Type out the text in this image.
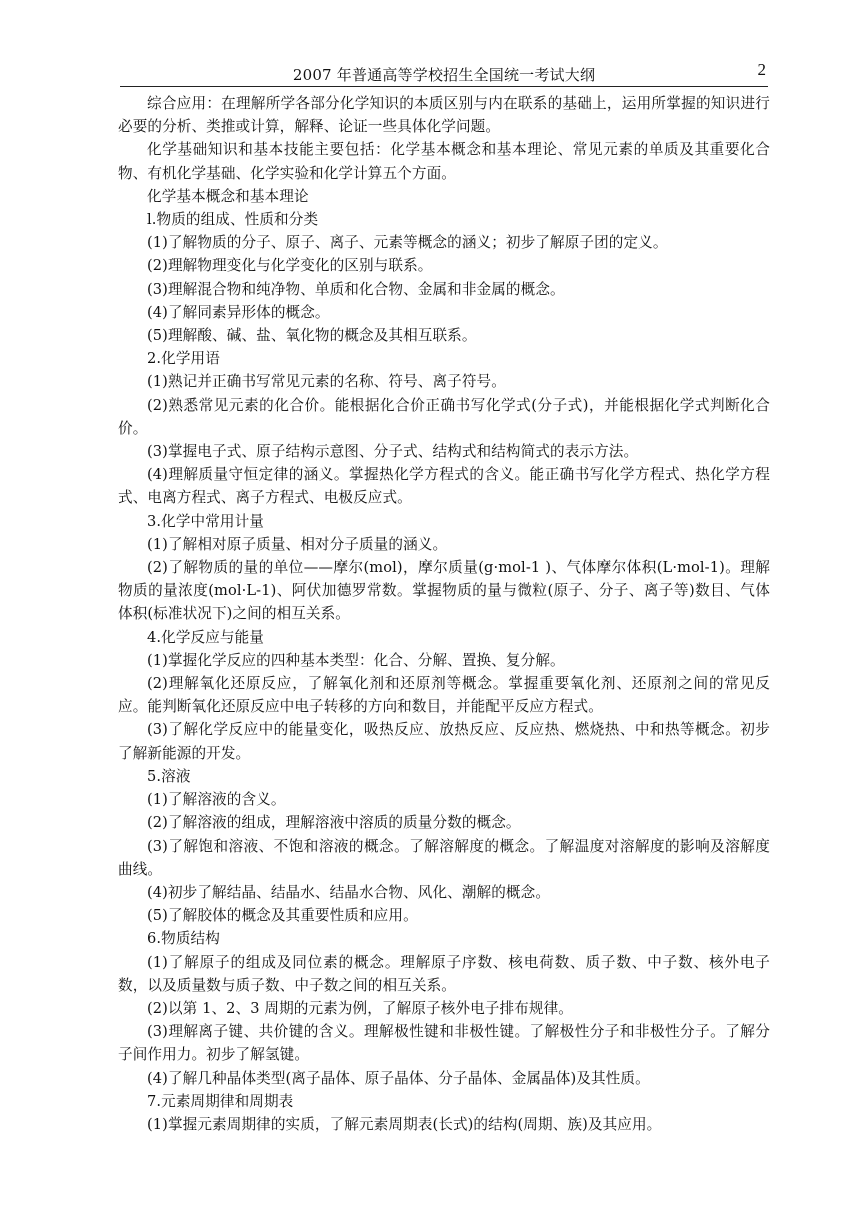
2007 年普通高等学校招生全国统一考试大纲	2

综合应用：在理解所学各部分化学知识的本质区别与内在联系的基础上，运用所掌握的知识进行必要的分析、类推或计算，解释、论证一些具体化学问题。

化学基础知识和基本技能主要包括：化学基本概念和基本理论、常见元素的单质及其重要化合物、有机化学基础、化学实验和化学计算五个方面。

化学基本概念和基本理论

l.物质的组成、性质和分类

(1)了解物质的分子、原子、离子、元素等概念的涵义；初步了解原子团的定义。

(2)理解物理变化与化学变化的区别与联系。

(3)理解混合物和纯净物、单质和化合物、金属和非金属的概念。

(4)了解同素异形体的概念。

(5)理解酸、碱、盐、氧化物的概念及其相互联系。

2.化学用语

(1)熟记并正确书写常见元素的名称、符号、离子符号。

(2)熟悉常见元素的化合价。能根据化合价正确书写化学式(分子式)，并能根据化学式判断化合价。

(3)掌握电子式、原子结构示意图、分子式、结构式和结构简式的表示方法。

(4)理解质量守恒定律的涵义。掌握热化学方程式的含义。能正确书写化学方程式、热化学方程式、电离方程式、离子方程式、电极反应式。

3.化学中常用计量

(1)了解相对原子质量、相对分子质量的涵义。

(2)了解物质的量的单位——摩尔(mol)，摩尔质量(g·mol-1 )、气体摩尔体积(L·mol-1)。理解物质的量浓度(mol·L-1)、阿伏加德罗常数。掌握物质的量与微粒(原子、分子、离子等)数目、气体体积(标准状况下)之间的相互关系。

4.化学反应与能量

(1)掌握化学反应的四种基本类型：化合、分解、置换、复分解。

(2)理解氧化还原反应，了解氧化剂和还原剂等概念。掌握重要氧化剂、还原剂之间的常见反应。能判断氧化还原反应中电子转移的方向和数目，并能配平反应方程式。

(3)了解化学反应中的能量变化，吸热反应、放热反应、反应热、燃烧热、中和热等概念。初步了解新能源的开发。

5.溶液

(1)了解溶液的含义。

(2)了解溶液的组成，理解溶液中溶质的质量分数的概念。

(3)了解饱和溶液、不饱和溶液的概念。了解溶解度的概念。了解温度对溶解度的影响及溶解度曲线。

(4)初步了解结晶、结晶水、结晶水合物、风化、潮解的概念。

(5)了解胶体的概念及其重要性质和应用。

6.物质结构

(1)了解原子的组成及同位素的概念。理解原子序数、核电荷数、质子数、中子数、核外电子数，以及质量数与质子数、中子数之间的相互关系。

(2)以第 1、2、3 周期的元素为例，了解原子核外电子排布规律。

(3)理解离子键、共价键的含义。理解极性键和非极性键。了解极性分子和非极性分子。了解分子间作用力。初步了解氢键。

(4)了解几种晶体类型(离子晶体、原子晶体、分子晶体、金属晶体)及其性质。

7.元素周期律和周期表

(1)掌握元素周期律的实质，了解元素周期表(长式)的结构(周期、族)及其应用。
